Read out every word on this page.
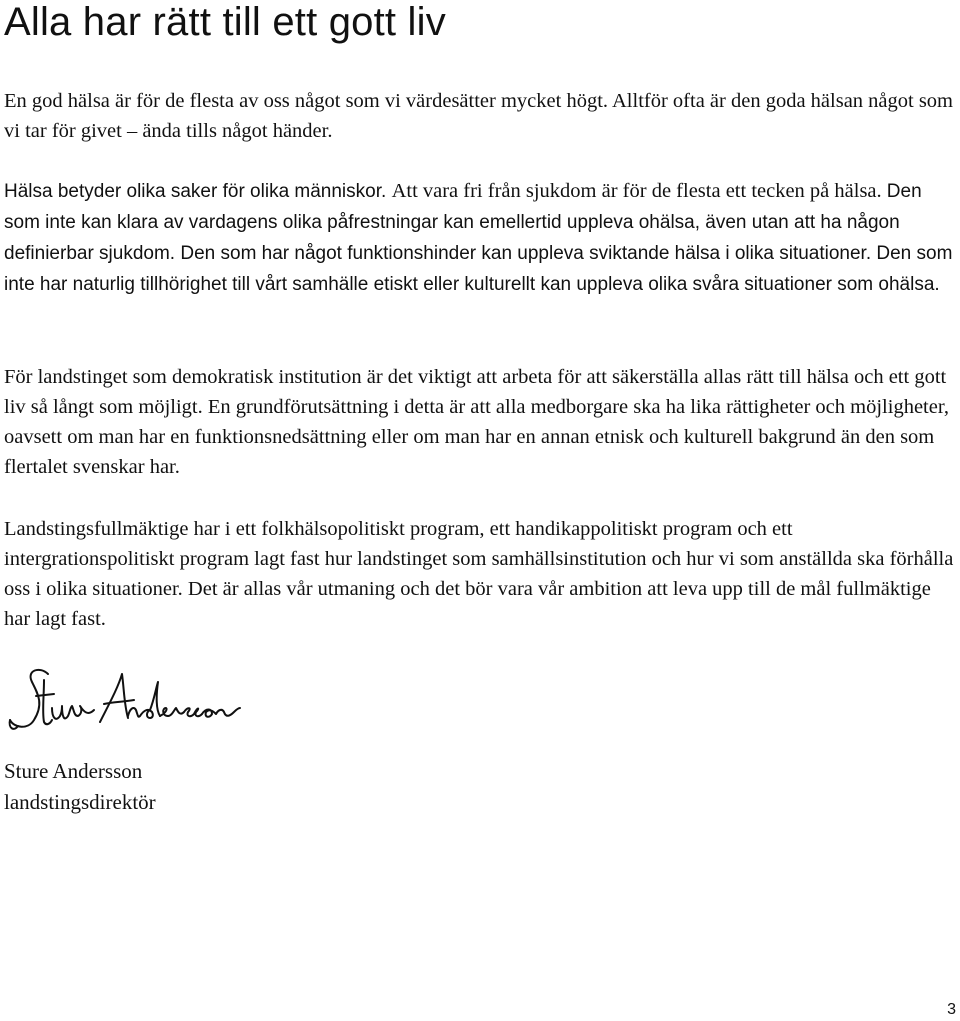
Alla har rätt till ett gott liv

En god hälsa är för de flesta av oss något som vi värdesätter mycket högt. Alltför ofta är den goda hälsan något som vi tar för givet – ända tills något händer.

Hälsa betyder olika saker för olika människor. Att vara fri från sjukdom är för de flesta ett tecken på hälsa. Den som inte kan klara av vardagens olika påfrestningar kan emellertid uppleva ohälsa, även utan att ha någon definierbar sjukdom. Den som har något funktionshinder kan uppleva sviktande hälsa i olika situationer. Den som inte har naturlig tillhörighet till vårt samhälle etiskt eller kulturellt kan uppleva olika svåra situationer som ohälsa.

För landstinget som demokratisk institution är det viktigt att arbeta för att säkerställa allas rätt till hälsa och ett gott liv så långt som möjligt. En grundförutsättning i detta är att alla medborgare ska ha lika rättigheter och möjligheter, oavsett om man har en funktionsnedsättning eller om man har en annan etnisk och kulturell bakgrund än den som flertalet svenskar har.

Landstingsfullmäktige har i ett folkhälsopolitiskt program, ett handikappolitiskt program och ett intergrationspolitiskt program lagt fast hur landstinget som samhällsinstitution och hur vi som anställda ska förhålla oss i olika situationer. Det är allas vår utmaning och det bör vara vår ambition att leva upp till de mål fullmäktige har lagt fast.

Sture Andersson
landstingsdirektör
3
